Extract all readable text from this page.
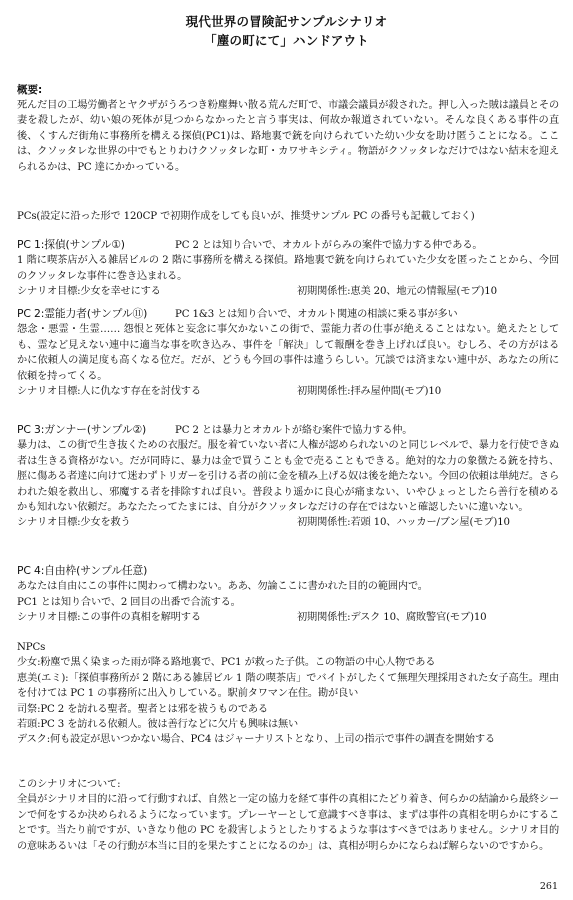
現代世界の冒険記サンプルシナリオ
「塵の町にて」ハンドアウト
概要:

死んだ目の工場労働者とヤクザがうろつき粉塵舞い散る荒んだ町で、市議会議員が殺された。押し入った賊は議員とその妻を殺したが、幼い娘の死体が見つからなかったと言う事実は、何故か報道されていない。そんな良くある事件の直後、くすんだ街角に事務所を構える探偵(PC1)は、路地裏で銃を向けられていた幼い少女を助け匿うことになる。ここは、クソッタレな世界の中でもとりわけクソッタレな町・カワサキシティ。物語がクソッタレなだけではない結末を迎えられるかは、PC 達にかかっている。

PCs(設定に沿った形で 120CP で初期作成をしても良いが、推奨サンプル PC の番号も記載しておく)
PC 1:探偵(サンプル①)	PC 2 とは知り合いで、オカルトがらみの案件で協力する仲である。

1 階に喫茶店が入る雑居ビルの 2 階に事務所を構える探偵。路地裏で銃を向けられていた少女を匿ったことから、今回のクソッタレな事件に巻き込まれる。

シナリオ目標:少女を幸せにする	初期関係性:恵美 20、地元の情報屋(モブ)10
PC 2:霊能力者(サンプル⑪)	PC 1&3 とは知り合いで、オカルト関連の相談に乗る事が多い

怨念・悪霊・生霊…… 怨恨と死体と妄念に事欠かないこの街で、霊能力者の仕事が絶えることはない。絶えたとしても、霊など見えない連中に適当な事を吹き込み、事件を「解決」して報酬を巻き上げれば良い。むしろ、その方がはるかに依頼人の満足度も高くなる位だ。だが、どうも今回の事件は違うらしい。冗談では済まない連中が、あなたの所に依頼を持ってくる。

シナリオ目標:人に仇なす存在を討伐する	初期関係性:拝み屋仲間(モブ)10
PC 3:ガンナー(サンプル②)	PC 2 とは暴力とオカルトが絡む案件で協力する仲。

暴力は、この街で生き抜くための衣服だ。服を着ていない者に人権が認められないのと同じレベルで、暴力を行使できぬ者は生きる資格がない。だが同時に、暴力は金で買うことも金で売ることもできる。絶対的な力の象徴たる銃を持ち、脛に傷ある者達に向けて迷わずトリガーを引ける者の前に金を積み上げる奴は後を絶たない。今回の依頼は単純だ。さらわれた娘を救出し、邪魔する者を排除すれば良い。普段より遥かに良心が痛まない、いやひょっとしたら善行を積めるかも知れない依頼だ。あなたたってたまには、自分がクソッタレなだけの存在ではないと確認したいに違いない。

シナリオ目標:少女を救う	初期関係性:若頭 10、ハッカー/ブン屋(モブ)10
PC 4:自由枠(サンプル任意)

あなたは自由にこの事件に関わって構わない。ああ、勿論ここに書かれた目的の範囲内で。
PC1 とは知り合いで、2 回目の出番で合流する。

シナリオ目標:この事件の真相を解明する	初期関係性:デスク 10、腐敗警官(モブ)10
NPCs

少女:粉塵で黒く染まった雨が降る路地裏で、PC1 が救った子供。この物語の中心人物である

恵美(エミ):「探偵事務所が 2 階にある雑居ビル 1 階の喫茶店」でバイトがしたくて無理矢理採用された女子高生。理由を付けては PC 1 の事務所に出入りしている。駅前タワマン在住。勘が良い

司祭:PC 2 を訪れる聖者。聖者とは邪を祓うものである

若頭:PC 3 を訪れる依頼人。彼は善行などに欠片も興味は無い

デスク:何も設定が思いつかない場合、PC4 はジャーナリストとなり、上司の指示で事件の調査を開始する

このシナリオについて:

全員がシナリオ目的に沿って行動すれば、自然と一定の協力を経て事件の真相にたどり着き、何らかの結論から最終シーンで何をするか決められるようになっています。プレーヤーとして意識すべき事は、まずは事件の真相を明らかにすることです。当たり前ですが、いきなり他の PC を殺害しようとしたりするような事はすべきではありません。シナリオ目的の意味あるいは「その行動が本当に目的を果たすことになるのか」は、真相が明らかにならねば解らないのですから。

261
